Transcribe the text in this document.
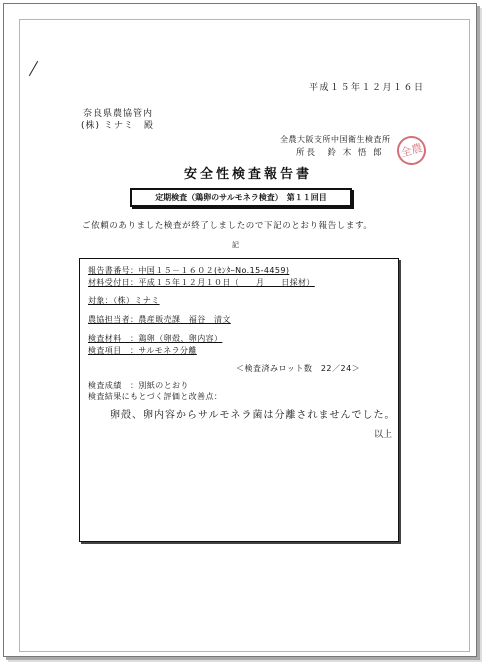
平成１５年１２月１６日
奈良県農協管内
(株) ミナミ　殿
全農大阪支所中国衛生検査所
所長　鈴 木 悟 郎	全農
安全性検査報告書
定期検査（鶏卵のサルモネラ検査）　第１１回目
ご依頼のありました検査が終了しましたので下記のとおり報告します。
記
報告書番号：中国１５－１６０２(ｾﾝﾀｰNo.15-4459)
材料受付日：平成１５年１２月１０日（　　月　　日採材）
対象：（株）ミナミ
農協担当者：農産販売課　福谷　清文
検査材料　：鶏卵（卵殻、卵内容）
検査項目　：サルモネラ分離
＜検査済みロット数　22／24＞
検査成績　：別紙のとおり
検査結果にもとづく評価と改善点：
卵殻、卵内容からサルモネラ菌は分離されませんでした。
以上
